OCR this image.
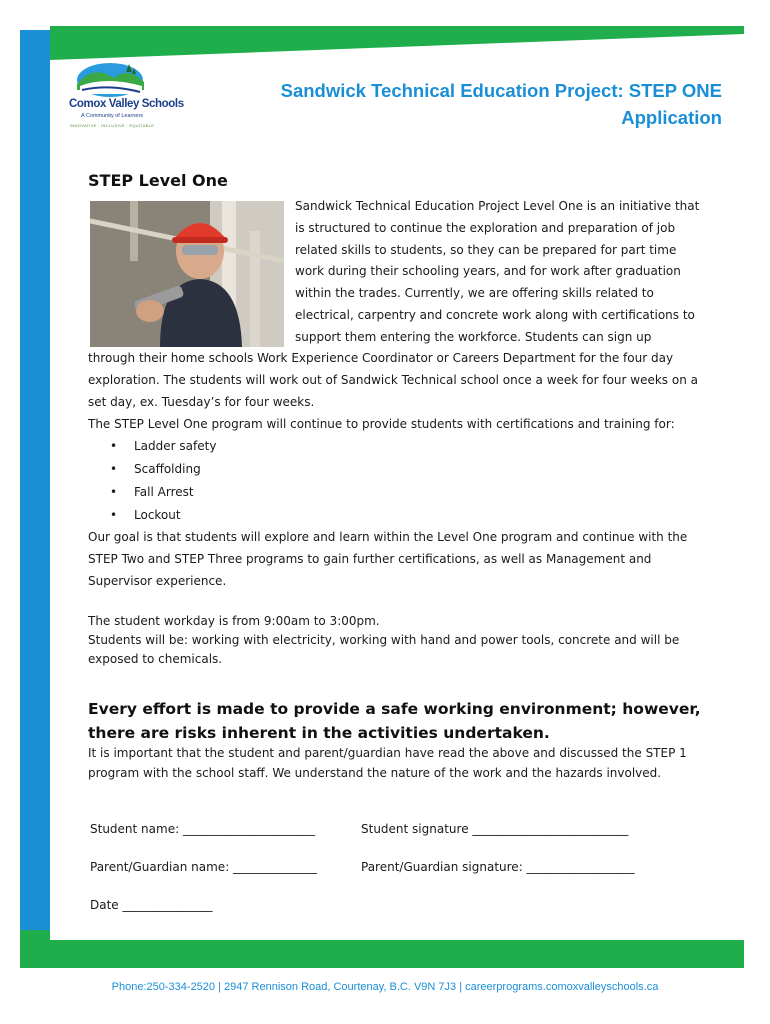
Comox Valley Schools
A Community of Learners
INNOVATIVE · INCLUSIVE · EQUITABLE
Sandwick Technical Education Project: STEP ONE
Application
STEP Level One
Sandwick Technical Education Project Level One is an initiative that
is structured to continue the exploration and preparation of job
related skills to students, so they can be prepared for part time
work during their schooling years, and for work after graduation
within the trades. Currently, we are offering skills related to
electrical, carpentry and concrete work along with certifications to
support them entering the workforce. Students can sign up
through their home schools Work Experience Coordinator or Careers Department for the four day
exploration. The students will work out of Sandwick Technical school once a week for four weeks on a
set day, ex. Tuesday’s for four weeks.
The STEP Level One program will continue to provide students with certifications and training for:
• Ladder safety
• Scaffolding
• Fall Arrest
• Lockout
Our goal is that students will explore and learn within the Level One program and continue with the
STEP Two and STEP Three programs to gain further certifications, as well as Management and
Supervisor experience.
The student workday is from 9:00am to 3:00pm.
Students will be: working with electricity, working with hand and power tools, concrete and will be
exposed to chemicals.
Every effort is made to provide a safe working environment; however,
there are risks inherent in the activities undertaken.
It is important that the student and parent/guardian have read the above and discussed the STEP 1
program with the school staff. We understand the nature of the work and the hazards involved.
Student name: ______________________	Student signature __________________________
Parent/Guardian name: ______________	Parent/Guardian signature: __________________
Date _______________
Phone:250-334-2520 | 2947 Rennison Road, Courtenay, B.C. V9N 7J3 | careerprograms.comoxvalleyschools.ca
